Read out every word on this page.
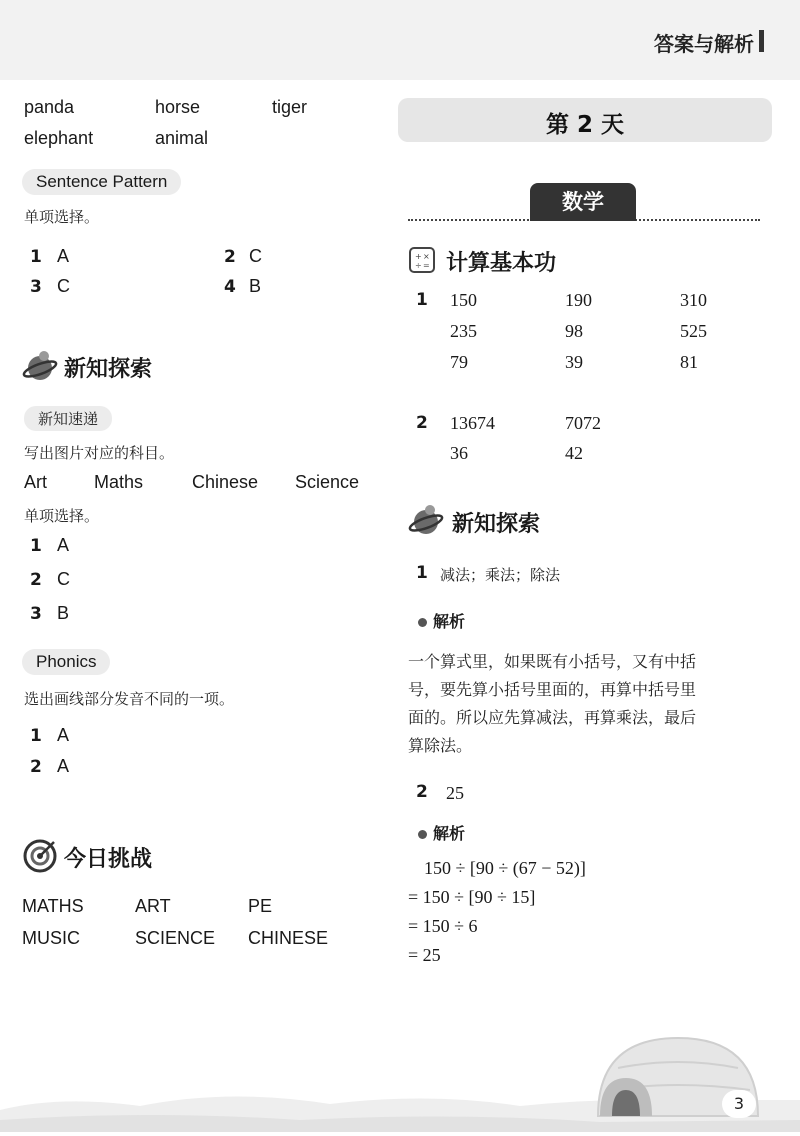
答案与解析
panda	horse	tiger
elephant	animal
Sentence Pattern
单项选择。
1 A	2 C
3 C	4 B
新知探索
新知速递
写出图片对应的科目。
Art	Maths	Chinese Science
单项选择。
1 A
2 C
3 B
Phonics
选出画线部分发音不同的一项。
1 A
2 A
今日挑战
MATHS	ART	PE
MUSIC	SCIENCE CHINESE
第 2 天
数学
+ ×
÷ = 计算基本功
1 150	190	310
235	98	525
79	39	81
2 13674	7072
36	42
新知探索
1 减法；乘法；除法
解析
一个算式里，如果既有小括号，又有中括
号，要先算小括号里面的，再算中括号里
面的。所以应先算减法，再算乘法，最后
算除法。
2 25
解析
150 ÷ [90 ÷ (67 − 52)]
= 150 ÷ [90 ÷ 15]
= 150 ÷ 6
= 25
3
